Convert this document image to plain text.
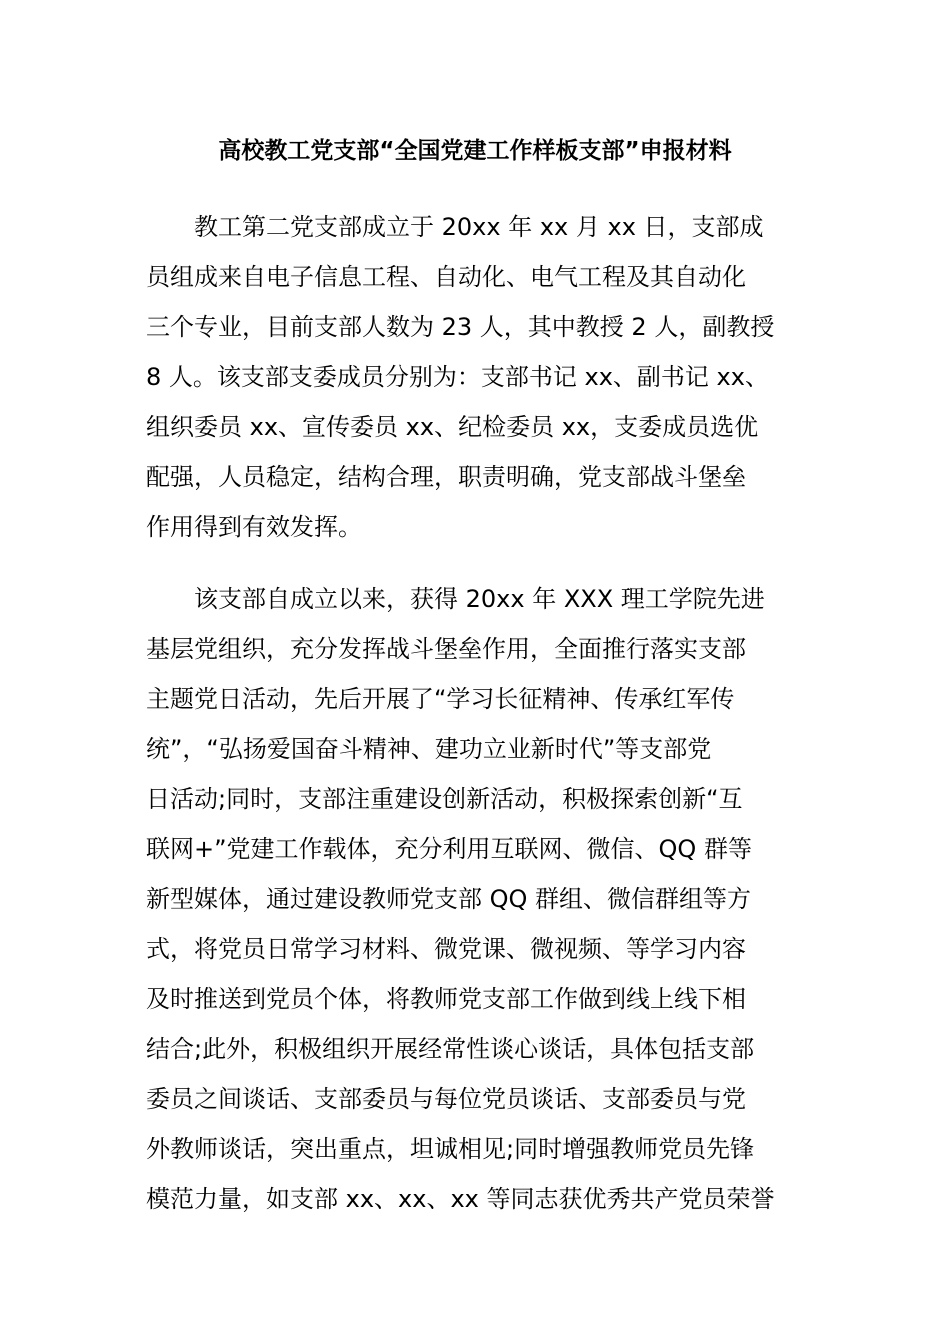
高校教工党支部“全国党建工作样板支部”申报材料
教工第二党支部成立于 20xx 年 xx 月 xx 日，支部成
员组成来自电子信息工程、自动化、电气工程及其自动化
三个专业，目前支部人数为 23 人，其中教授 2 人，副教授
8 人。该支部支委成员分别为：支部书记 xx、副书记 xx、
组织委员 xx、宣传委员 xx、纪检委员 xx，支委成员选优
配强，人员稳定，结构合理，职责明确，党支部战斗堡垒
作用得到有效发挥。
该支部自成立以来，获得 20xx 年 XXX 理工学院先进
基层党组织，充分发挥战斗堡垒作用，全面推行落实支部
主题党日活动，先后开展了“学习长征精神、传承红军传
统”，“弘扬爱国奋斗精神、建功立业新时代”等支部党
日活动;同时，支部注重建设创新活动，积极探索创新“互
联网+”党建工作载体，充分利用互联网、微信、QQ 群等
新型媒体，通过建设教师党支部 QQ 群组、微信群组等方
式，将党员日常学习材料、微党课、微视频、等学习内容
及时推送到党员个体，将教师党支部工作做到线上线下相
结合;此外，积极组织开展经常性谈心谈话，具体包括支部
委员之间谈话、支部委员与每位党员谈话、支部委员与党
外教师谈话，突出重点，坦诚相见;同时增强教师党员先锋
模范力量，如支部 xx、xx、xx 等同志获优秀共产党员荣誉
